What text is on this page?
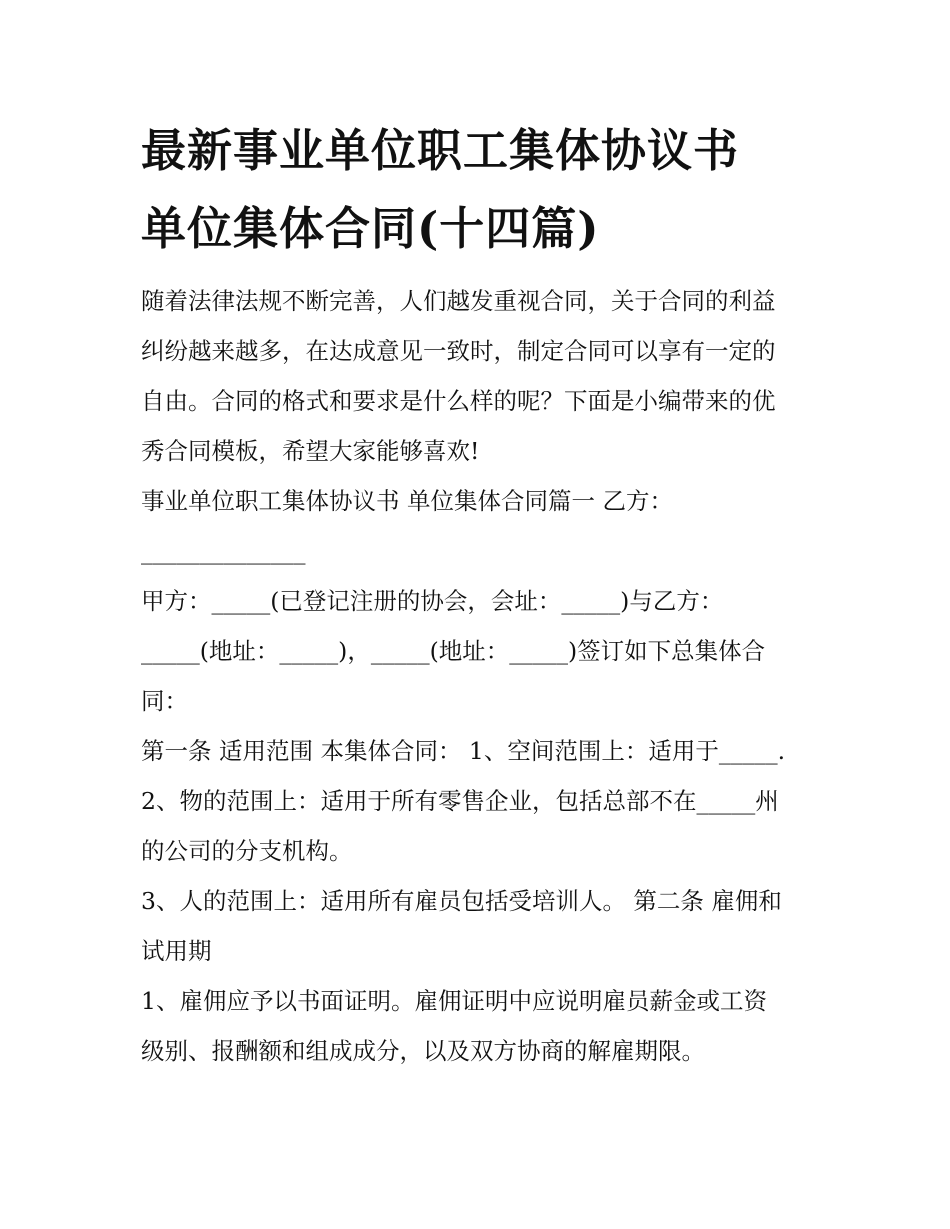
最新事业单位职工集体协议书
单位集体合同(十四篇)
随着法律法规不断完善，人们越发重视合同，关于合同的利益
纠纷越来越多，在达成意见一致时，制定合同可以享有一定的
自由。合同的格式和要求是什么样的呢？下面是小编带来的优
秀合同模板，希望大家能够喜欢!
事业单位职工集体协议书 单位集体合同篇一 乙方：
______________
甲方：_____(已登记注册的协会，会址：_____)与乙方：
_____(地址：_____)，_____(地址：_____)签订如下总集体合
同：
第一条 适用范围 本集体合同： 1、空间范围上：适用于_____.
2、物的范围上：适用于所有零售企业，包括总部不在_____州
的公司的分支机构。
3、人的范围上：适用所有雇员包括受培训人。 第二条 雇佣和
试用期
1、雇佣应予以书面证明。雇佣证明中应说明雇员薪金或工资
级别、报酬额和组成成分，以及双方协商的解雇期限。
